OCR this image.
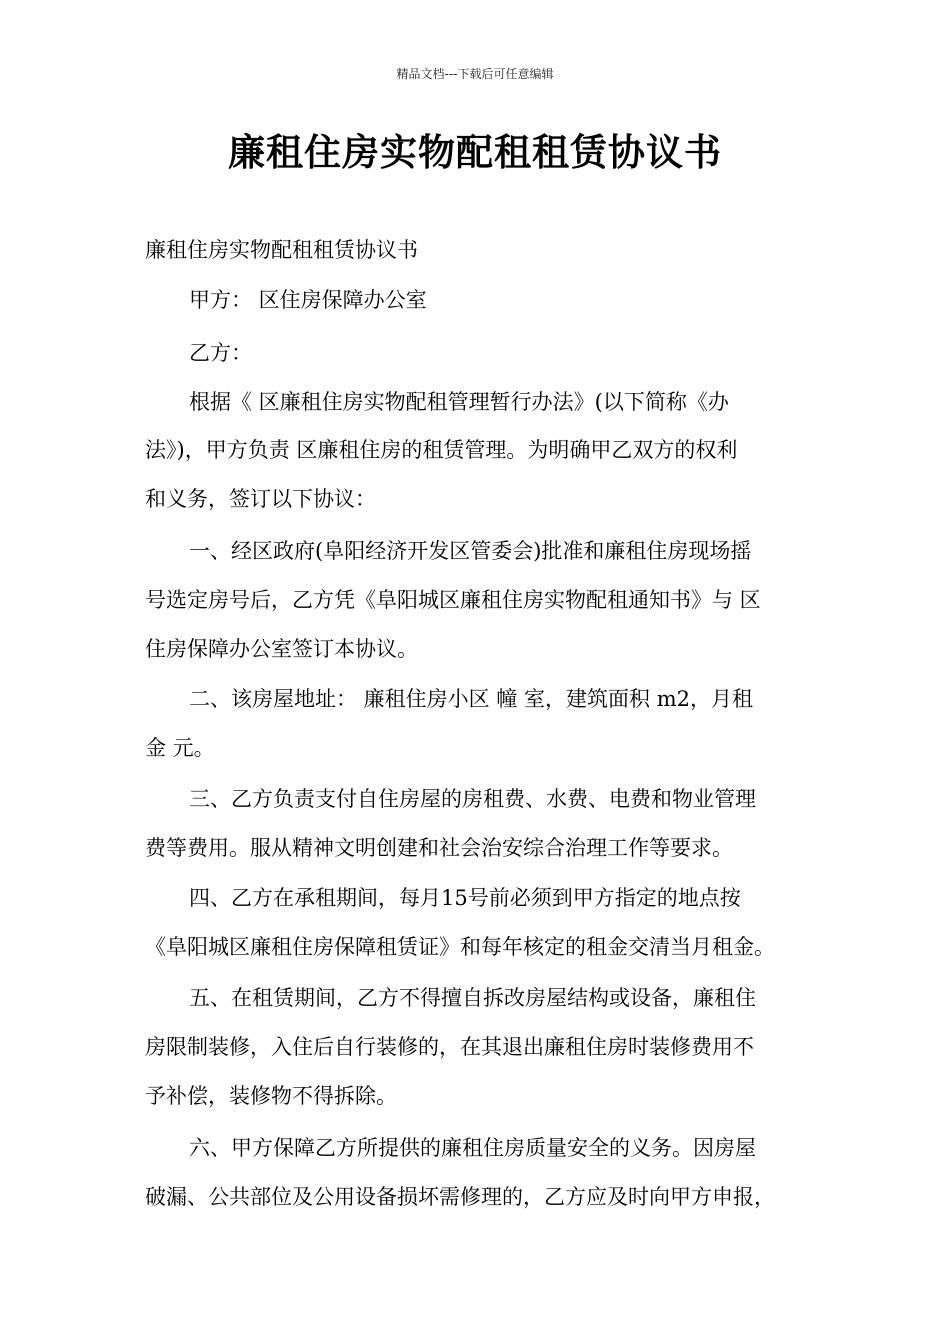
精品文档---下载后可任意编辑
廉租住房实物配租租赁协议书
廉租住房实物配租租赁协议书
甲方： 区住房保障办公室
乙方：
根据《 区廉租住房实物配租管理暂行办法》(以下简称《办
法》)，甲方负责 区廉租住房的租赁管理。为明确甲乙双方的权利
和义务，签订以下协议：
一、经区政府(阜阳经济开发区管委会)批准和廉租住房现场摇
号选定房号后，乙方凭《阜阳城区廉租住房实物配租通知书》与 区
住房保障办公室签订本协议。
二、该房屋地址： 廉租住房小区 幢 室，建筑面积 m2，月租
金 元。
三、乙方负责支付自住房屋的房租费、水费、电费和物业管理
费等费用。服从精神文明创建和社会治安综合治理工作等要求。
四、乙方在承租期间，每月15号前必须到甲方指定的地点按
《阜阳城区廉租住房保障租赁证》和每年核定的租金交清当月租金。
五、在租赁期间，乙方不得擅自拆改房屋结构或设备，廉租住
房限制装修，入住后自行装修的，在其退出廉租住房时装修费用不
予补偿，装修物不得拆除。
六、甲方保障乙方所提供的廉租住房质量安全的义务。因房屋
破漏、公共部位及公用设备损坏需修理的，乙方应及时向甲方申报，
